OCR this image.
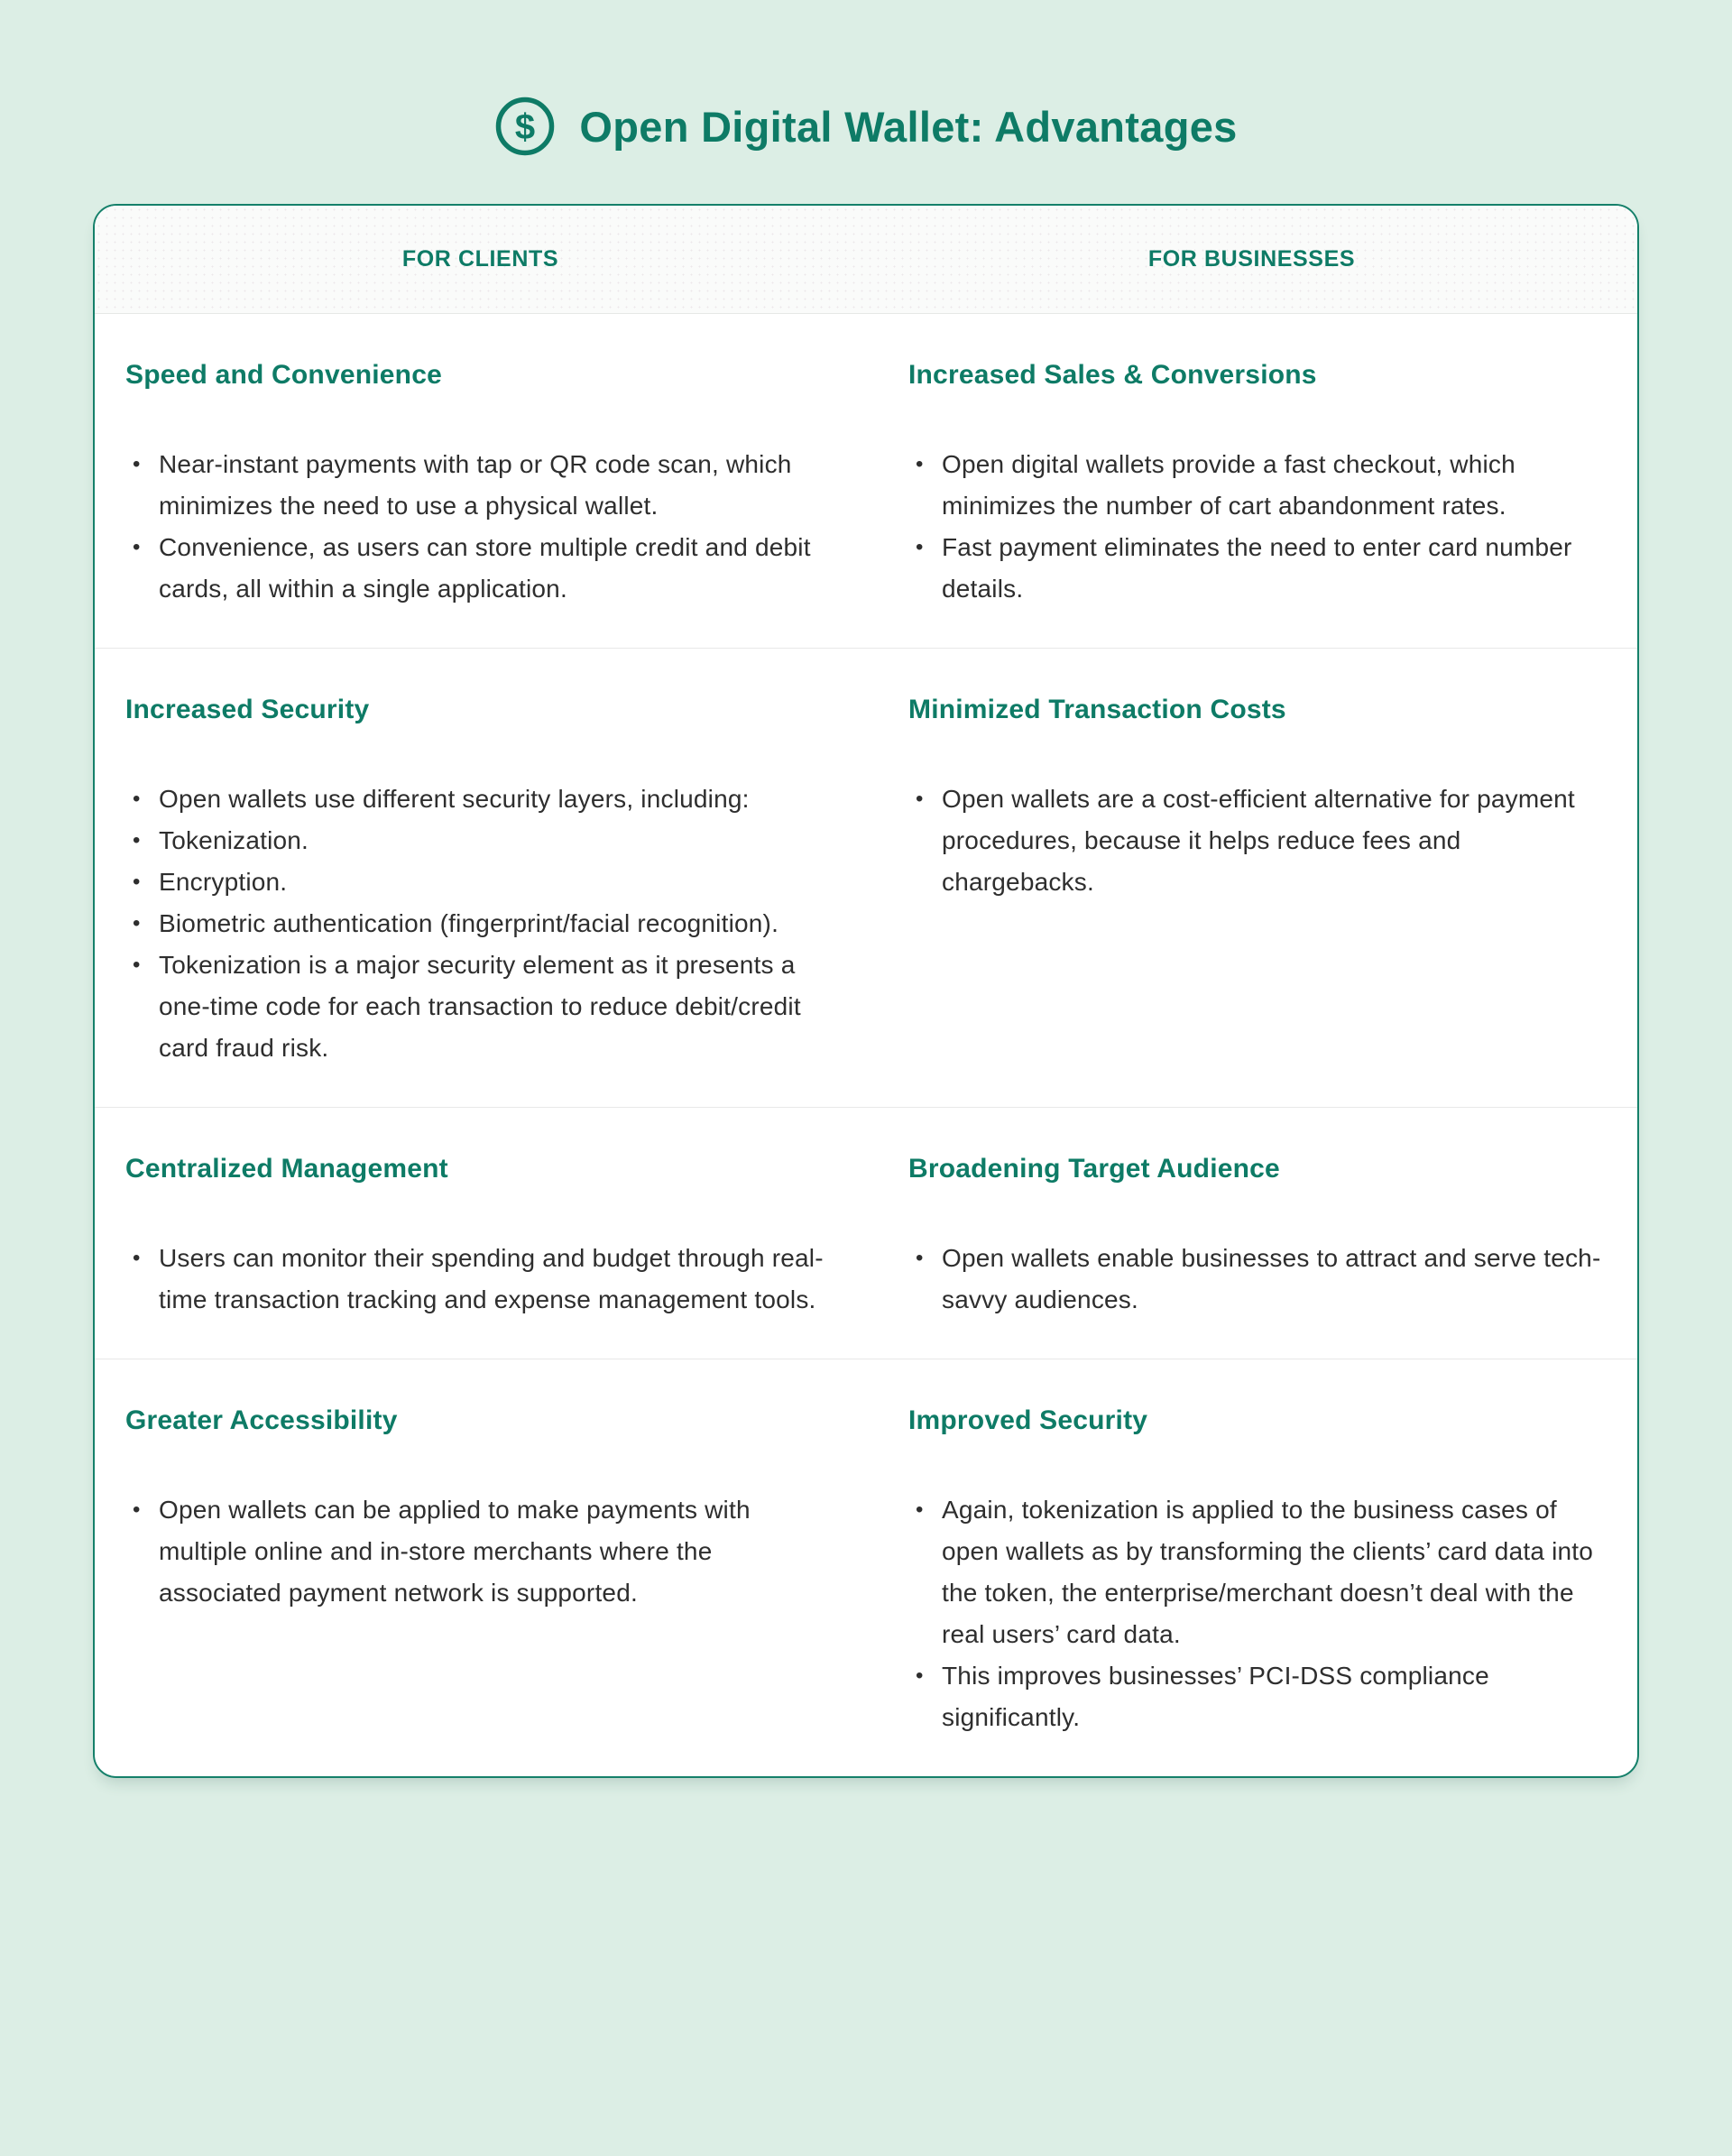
$ Open Digital Wallet: Advantages
FOR CLIENTS	FOR BUSINESSES
Speed and Convenience
• Near-instant payments with tap or QR code scan, which minimizes the need to use a physical wallet.
• Convenience, as users can store multiple credit and debit cards, all within a single application.
Increased Sales & Conversions
• Open digital wallets provide a fast checkout, which minimizes the number of cart abandonment rates.
• Fast payment eliminates the need to enter card number details.
Increased Security
• Open wallets use different security layers, including:
• Tokenization.
• Encryption.
• Biometric authentication (fingerprint/facial recognition).
• Tokenization is a major security element as it presents a one-time code for each transaction to reduce debit/credit card fraud risk.
Minimized Transaction Costs
• Open wallets are a cost-efficient alternative for payment procedures, because it helps reduce fees and chargebacks.
Centralized Management
• Users can monitor their spending and budget through real-time transaction tracking and expense management tools.
Broadening Target Audience
• Open wallets enable businesses to attract and serve tech-savvy audiences.
Greater Accessibility
• Open wallets can be applied to make payments with multiple online and in-store merchants where the associated payment network is supported.
Improved Security
• Again, tokenization is applied to the business cases of open wallets as by transforming the clients’ card data into the token, the enterprise/merchant doesn’t deal with the real users’ card data.
• This improves businesses’ PCI-DSS compliance significantly.
